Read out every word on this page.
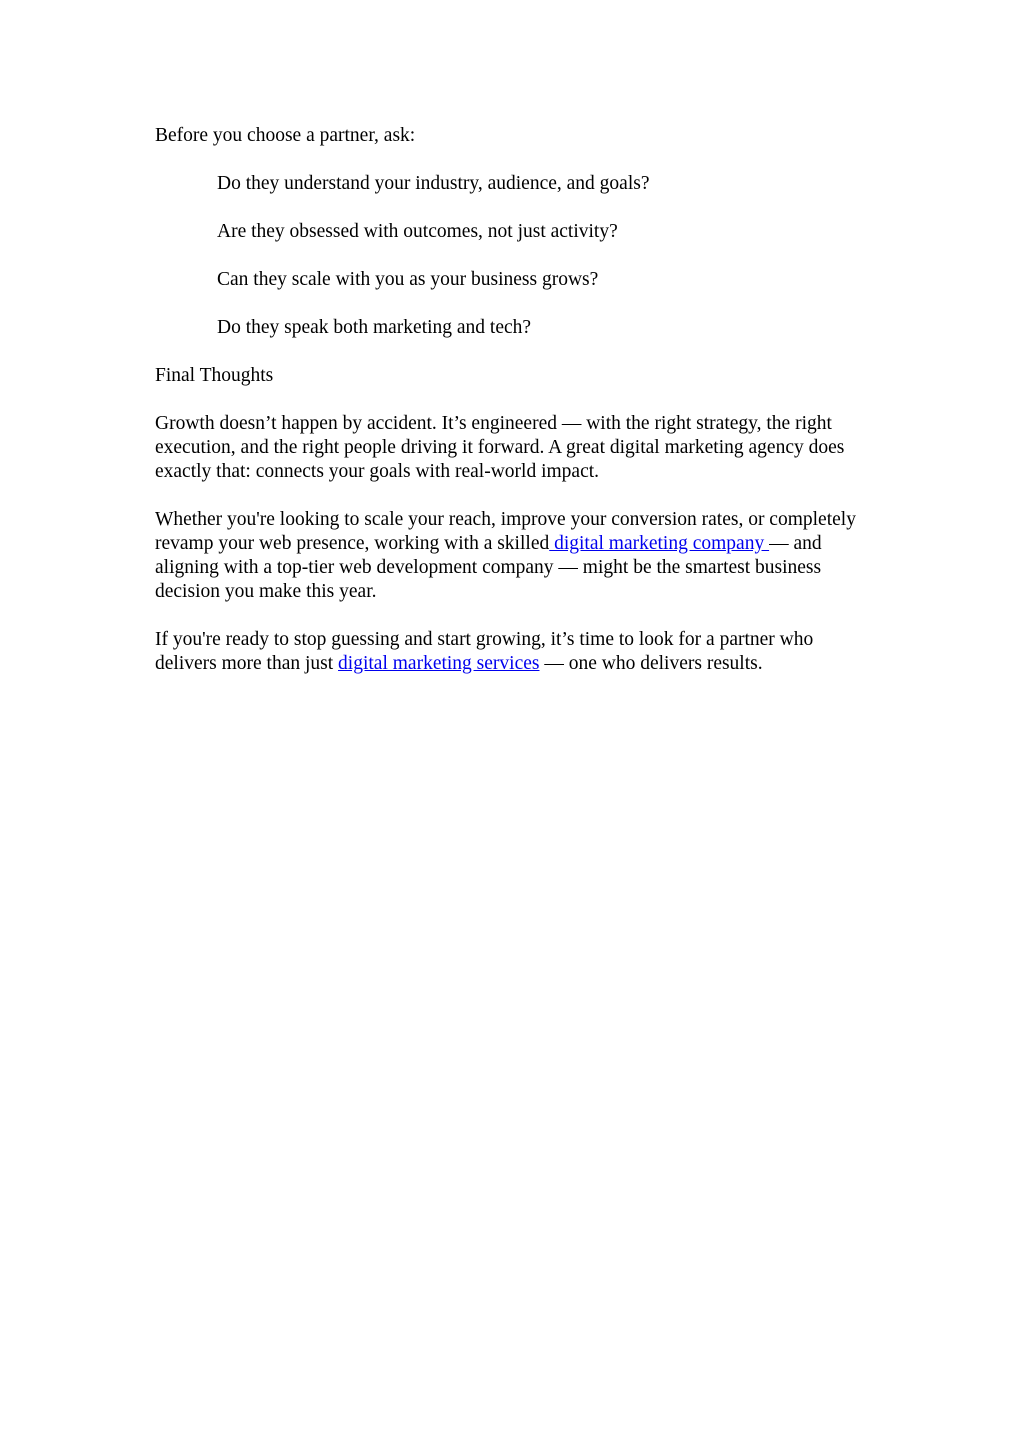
Before you choose a partner, ask:

Do they understand your industry, audience, and goals?
Are they obsessed with outcomes, not just activity?
Can they scale with you as your business grows?
Do they speak both marketing and tech?

Final Thoughts

Growth doesn’t happen by accident. It’s engineered — with the right strategy, the right execution, and the right people driving it forward. A great digital marketing agency does exactly that: connects your goals with real-world impact.

Whether you're looking to scale your reach, improve your conversion rates, or completely revamp your web presence, working with a skilled digital marketing company — and aligning with a top-tier web development company — might be the smartest business decision you make this year.

If you're ready to stop guessing and start growing, it’s time to look for a partner who delivers more than just digital marketing services — one who delivers results.
